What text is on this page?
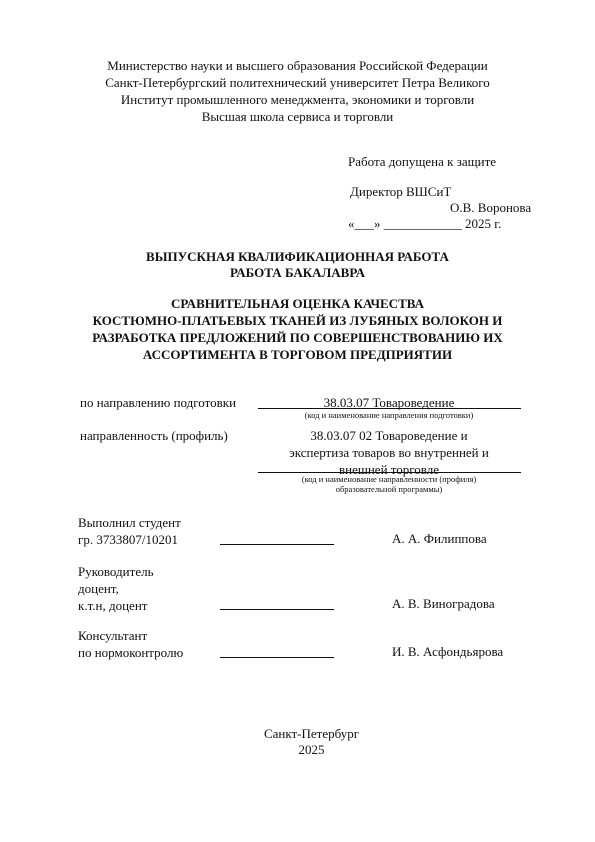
Министерство науки и высшего образования Российской Федерации
Санкт-Петербургский политехнический университет Петра Великого
Институт промышленного менеджмента, экономики и торговли
Высшая школа сервиса и торговли
Работа допущена к защите
Директор ВШСиТ
О.В. Воронова
«___» ____________ 2025 г.
ВЫПУСКНАЯ КВАЛИФИКАЦИОННАЯ РАБОТА
РАБОТА БАКАЛАВРА
СРАВНИТЕЛЬНАЯ ОЦЕНКА КАЧЕСТВА
КОСТЮМНО-ПЛАТЬЕВЫХ ТКАНЕЙ ИЗ ЛУБЯНЫХ ВОЛОКОН И
РАЗРАБОТКА ПРЕДЛОЖЕНИЙ ПО СОВЕРШЕНСТВОВАНИЮ ИХ
АССОРТИМЕНТА В ТОРГОВОМ ПРЕДПРИЯТИИ
по направлению подготовки	38.03.07 Товароведение
(код и наименование направления подготовки)
направленность (профиль)	38.03.07 02 Товароведение и
экспертиза товаров во внутренней и
внешней торговле
(код и наименование направленности (профиля)
образовательной программы)
Выполнил студент
гр. 3733807/10201	А. А. Филиппова
Руководитель
доцент,
к.т.н, доцент	А. В. Виноградова
Консультант
по нормоконтролю	И. В. Асфондьярова
Санкт-Петербург
2025
